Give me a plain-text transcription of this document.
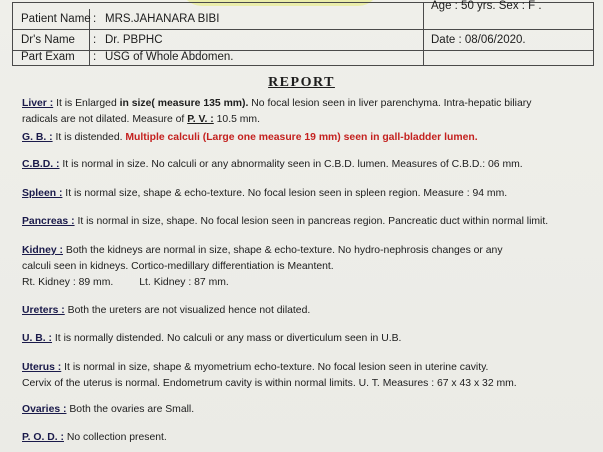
Age : 50 yrs. Sex : F .
Patient Name : MRS.JAHANARA BIBI
Dr's Name : Dr. PBPHC	Date : 08/06/2020.
Part Exam : USG of Whole Abdomen.
REPORT
Liver : It is Enlarged in size( measure 135 mm). No focal lesion seen in liver parenchyma. Intra-hepatic biliary
radicals are not dilated. Measure of P. V. : 10.5 mm.
G. B. : It is distended. Multiple calculi (Large one measure 19 mm) seen in gall-bladder lumen.
C.B.D. : It is normal in size. No calculi or any abnormality seen in C.B.D. lumen. Measures of C.B.D.: 06 mm.
Spleen : It is normal size, shape & echo-texture. No focal lesion seen in spleen region. Measure : 94 mm.
Pancreas : It is normal in size, shape. No focal lesion seen in pancreas region. Pancreatic duct within normal limit.
Kidney : Both the kidneys are normal in size, shape & echo-texture. No hydro-nephrosis changes or any
calculi seen in kidneys. Cortico-medillary differentiation is Meantent.
Rt. Kidney : 89 mm.	Lt. Kidney : 87 mm.
Ureters : Both the ureters are not visualized hence not dilated.
U. B. : It is normally distended. No calculi or any mass or diverticulum seen in U.B.
Uterus : It is normal in size, shape & myometrium echo-texture. No focal lesion seen in uterine cavity.
Cervix of the uterus is normal. Endometrum cavity is within normal limits. U. T. Measures : 67 x 43 x 32 mm.
Ovaries : Both the ovaries are Small.
P. O. D. : No collection present.
